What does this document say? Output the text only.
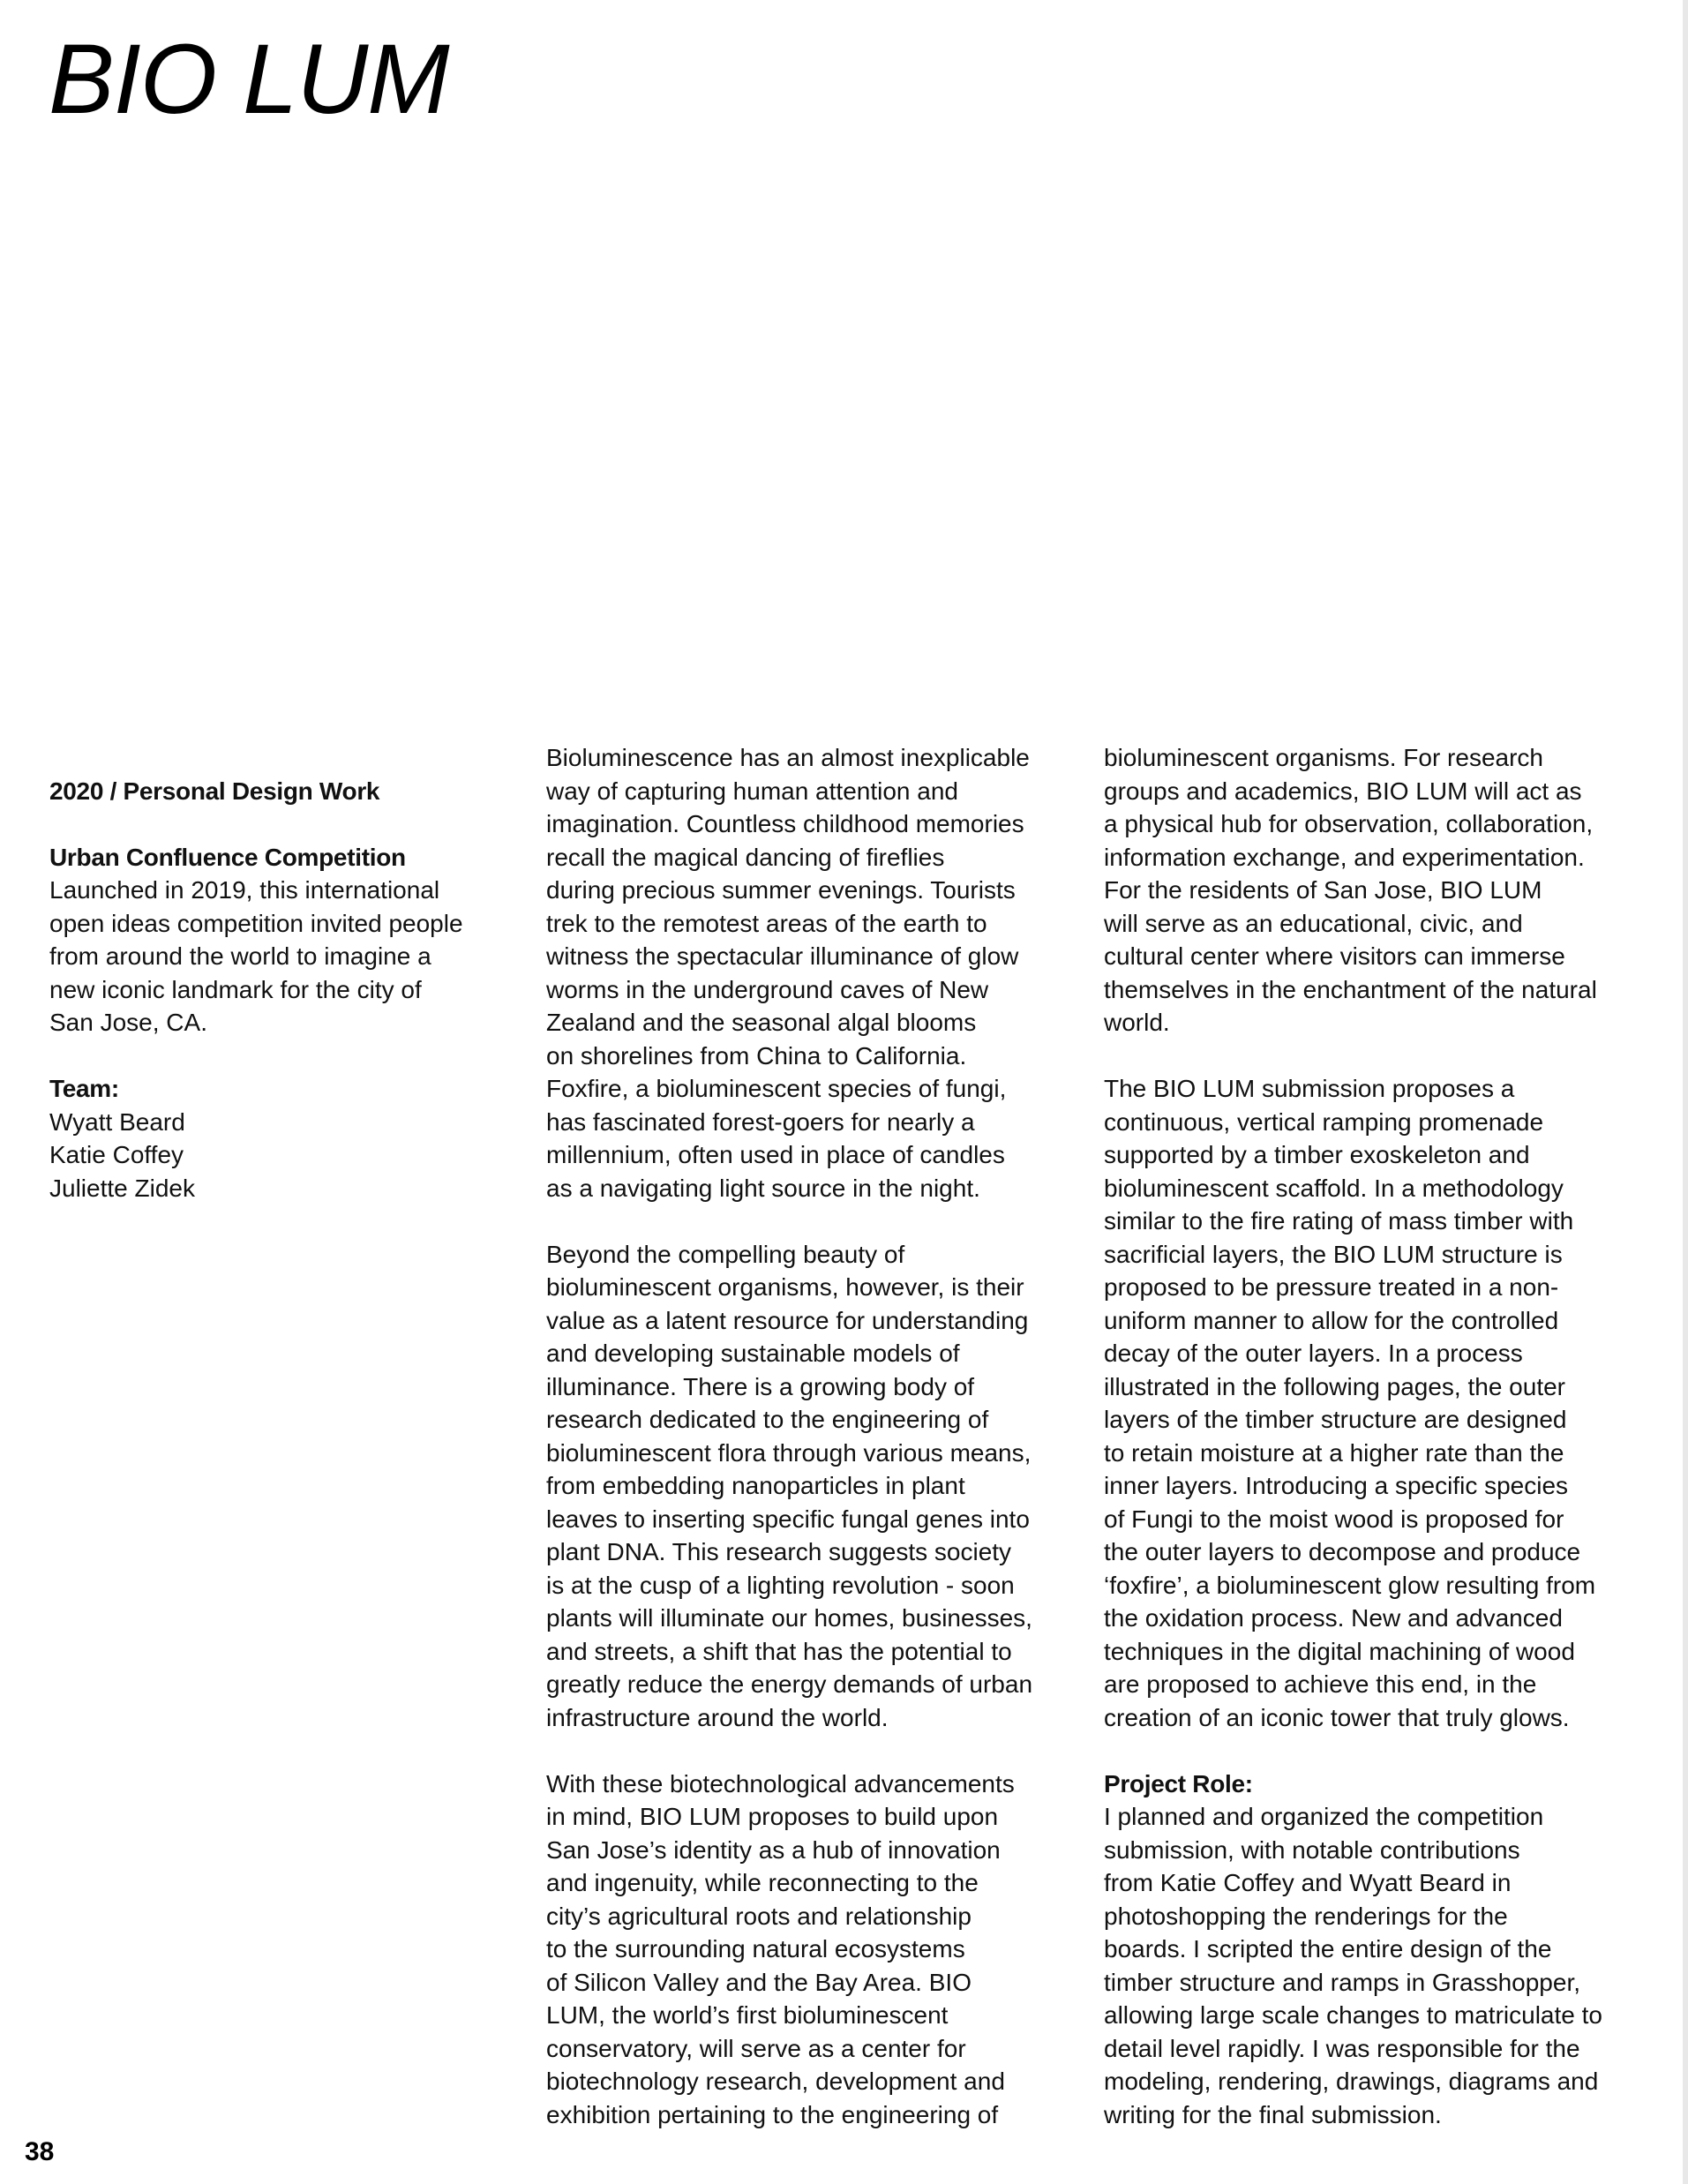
BIO LUM

2020 / Personal Design Work

Urban Confluence Competition
Launched in 2019, this international
open ideas competition invited people
from around the world to imagine a
new iconic landmark for the city of
San Jose, CA.

Team:
Wyatt Beard
Katie Coffey
Juliette Zidek

Bioluminescence has an almost inexplicable
way of capturing human attention and
imagination. Countless childhood memories
recall the magical dancing of fireflies
during precious summer evenings. Tourists
trek to the remotest areas of the earth to
witness the spectacular illuminance of glow
worms in the underground caves of New
Zealand and the seasonal algal blooms
on shorelines from China to California.
Foxfire, a bioluminescent species of fungi,
has fascinated forest-goers for nearly a
millennium, often used in place of candles
as a navigating light source in the night.

Beyond the compelling beauty of
bioluminescent organisms, however, is their
value as a latent resource for understanding
and developing sustainable models of
illuminance. There is a growing body of
research dedicated to the engineering of
bioluminescent flora through various means,
from embedding nanoparticles in plant
leaves to inserting specific fungal genes into
plant DNA. This research suggests society
is at the cusp of a lighting revolution - soon
plants will illuminate our homes, businesses,
and streets, a shift that has the potential to
greatly reduce the energy demands of urban
infrastructure around the world.

With these biotechnological advancements
in mind, BIO LUM proposes to build upon
San Jose’s identity as a hub of innovation
and ingenuity, while reconnecting to the
city’s agricultural roots and relationship
to the surrounding natural ecosystems
of Silicon Valley and the Bay Area. BIO
LUM, the world’s first bioluminescent
conservatory, will serve as a center for
biotechnology research, development and
exhibition pertaining to the engineering of

bioluminescent organisms. For research
groups and academics, BIO LUM will act as
a physical hub for observation, collaboration,
information exchange, and experimentation.
For the residents of San Jose, BIO LUM
will serve as an educational, civic, and
cultural center where visitors can immerse
themselves in the enchantment of the natural
world.

The BIO LUM submission proposes a
continuous, vertical ramping promenade
supported by a timber exoskeleton and
bioluminescent scaffold. In a methodology
similar to the fire rating of mass timber with
sacrificial layers, the BIO LUM structure is
proposed to be pressure treated in a non-
uniform manner to allow for the controlled
decay of the outer layers. In a process
illustrated in the following pages, the outer
layers of the timber structure are designed
to retain moisture at a higher rate than the
inner layers. Introducing a specific species
of Fungi to the moist wood is proposed for
the outer layers to decompose and produce
‘foxfire’, a bioluminescent glow resulting from
the oxidation process. New and advanced
techniques in the digital machining of wood
are proposed to achieve this end, in the
creation of an iconic tower that truly glows.

Project Role:
I planned and organized the competition
submission, with notable contributions
from Katie Coffey and Wyatt Beard in
photoshopping the renderings for the
boards. I scripted the entire design of the
timber structure and ramps in Grasshopper,
allowing large scale changes to matriculate to
detail level rapidly. I was responsible for the
modeling, rendering, drawings, diagrams and
writing for the final submission.

38
